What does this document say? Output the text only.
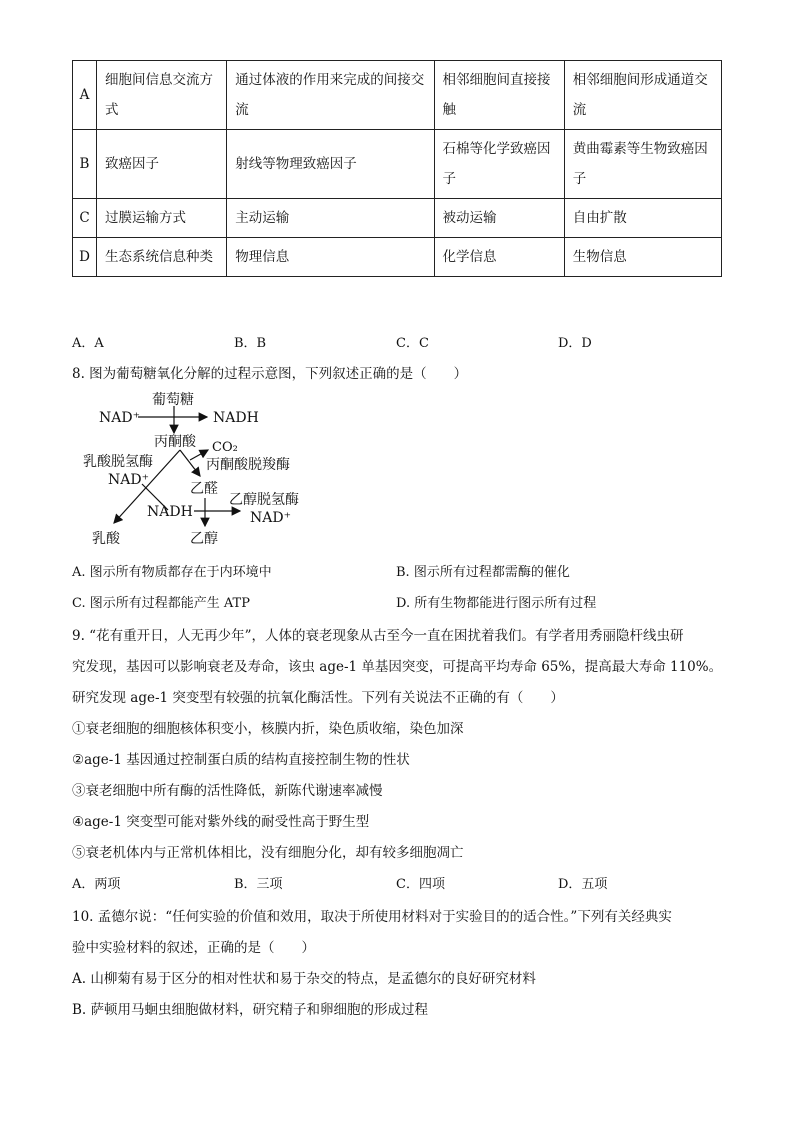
A	细胞间信息交流方式	通过体液的作用来完成的间接交流	相邻细胞间直接接触	相邻细胞间形成通道交流
B	致癌因子	射线等物理致癌因子	石棉等化学致癌因子	黄曲霉素等生物致癌因子
C	过膜运输方式	主动运输	被动运输	自由扩散
D	生态系统信息种类	物理信息	化学信息	生物信息
A．A	B．B	C．C	D．D
8. 图为葡萄糖氧化分解的过程示意图，下列叙述正确的是（　　）
NAD⁺
葡萄糖
NADH
丙酮酸 CO₂
乳酸脱氢酶	丙酮酸脱羧酶
NAD⁺
乙醛
乙醇脱氢酶
NADH	NAD⁺
乳酸	乙醇
A. 图示所有物质都存在于内环境中	B. 图示所有过程都需酶的催化
C. 图示所有过程都能产生 ATP	D. 所有生物都能进行图示所有过程
9. “花有重开日，人无再少年”，人体的衰老现象从古至今一直在困扰着我们。有学者用秀丽隐杆线虫研
究发现，基因可以影响衰老及寿命，该虫 age-1 单基因突变，可提高平均寿命 65%，提高最大寿命 110%。
研究发现 age-1 突变型有较强的抗氧化酶活性。下列有关说法不正确的有（　　）
①衰老细胞的细胞核体积变小，核膜内折，染色质收缩，染色加深
②age-1 基因通过控制蛋白质的结构直接控制生物的性状
③衰老细胞中所有酶的活性降低，新陈代谢速率减慢
④age-1 突变型可能对紫外线的耐受性高于野生型
⑤衰老机体内与正常机体相比，没有细胞分化，却有较多细胞凋亡
A．两项	B．三项	C．四项	D．五项
10. 孟德尔说：“任何实验的价值和效用，取决于所使用材料对于实验目的的适合性。”下列有关经典实
验中实验材料的叙述，正确的是（　　）
A. 山柳菊有易于区分的相对性状和易于杂交的特点，是孟德尔的良好研究材料
B. 萨顿用马蛔虫细胞做材料，研究精子和卵细胞的形成过程
